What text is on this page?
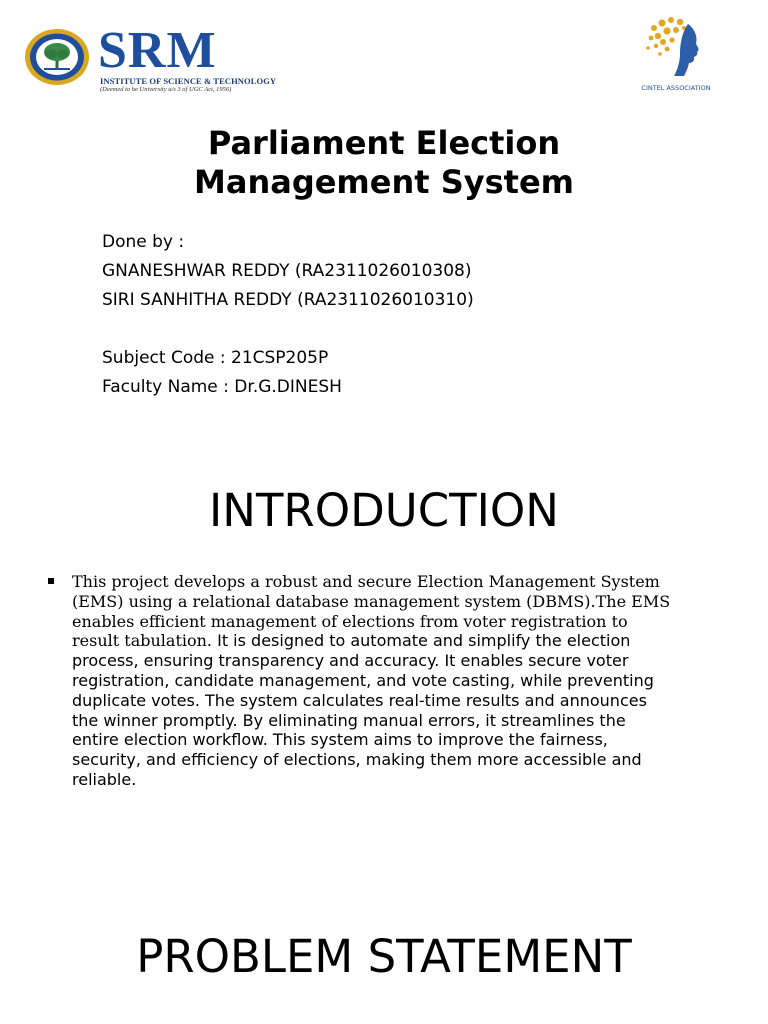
SRM
INSTITUTE OF SCIENCE & TECHNOLOGY
(Deemed to be University u/s 3 of UGC Act, 1956)	CINTEL ASSOCIATION
Parliament Election
Management System
Done by :
GNANESHWAR REDDY (RA2311026010308)
SIRI SANHITHA REDDY (RA2311026010310)
Subject Code : 21CSP205P
Faculty Name : Dr.G.DINESH
INTRODUCTION
This project develops a robust and secure Election Management System (EMS) using a relational database management system (DBMS).The EMS enables efficient management of elections from voter registration to result tabulation. It is designed to automate and simplify the election process, ensuring transparency and accuracy. It enables secure voter registration, candidate management, and vote casting, while preventing duplicate votes. The system calculates real-time results and announces the winner promptly. By eliminating manual errors, it streamlines the entire election workflow. This system aims to improve the fairness, security, and efficiency of elections, making them more accessible and reliable.
PROBLEM STATEMENT
